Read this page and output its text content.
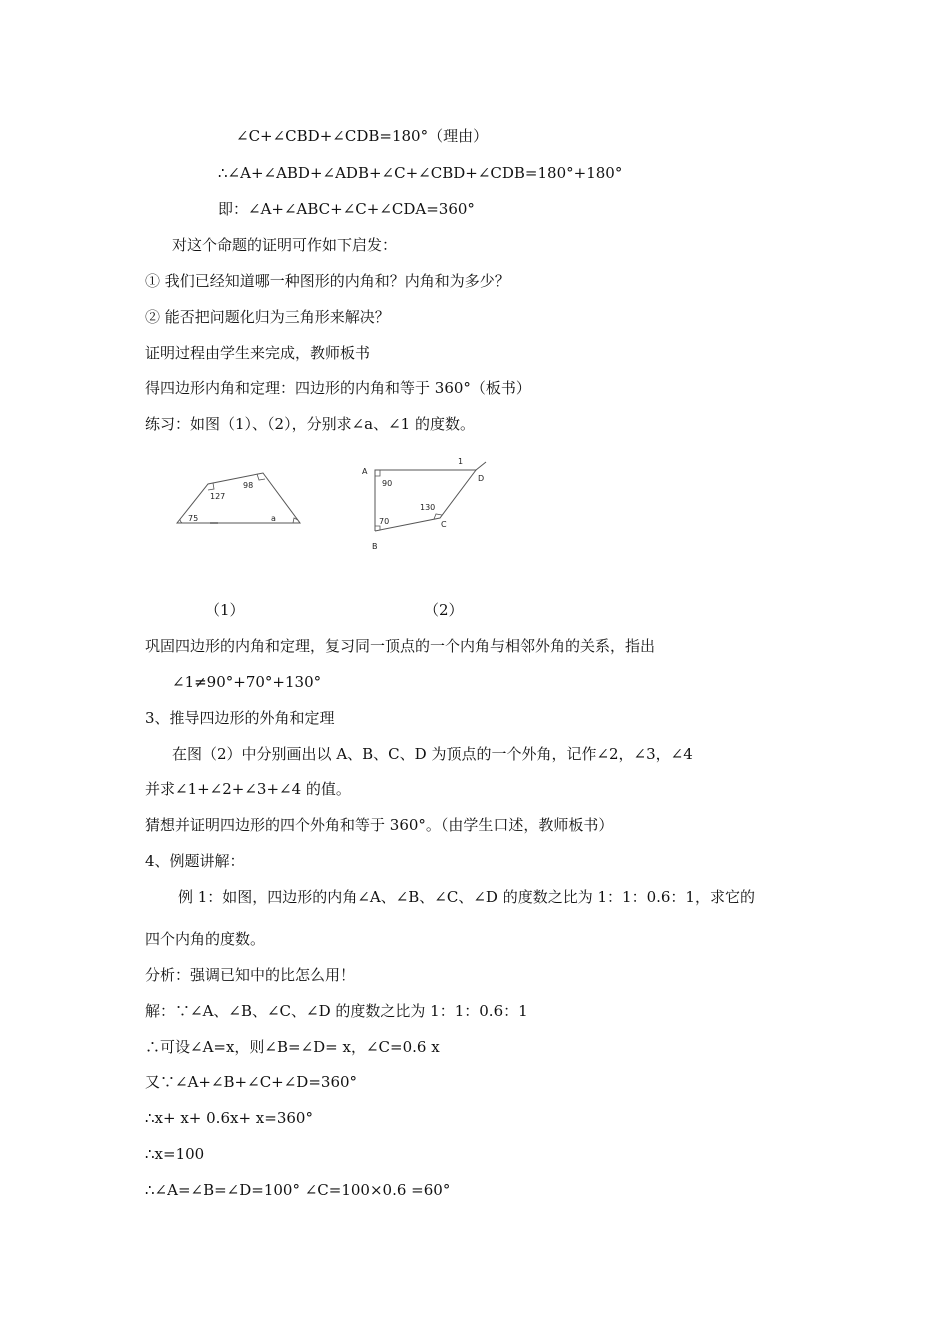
∠C+∠CBD+∠CDB=180°（理由）
∴∠A+∠ABD+∠ADB+∠C+∠CBD+∠CDB=180°+180°
即：∠A+∠ABC+∠C+∠CDA=360°
对这个命题的证明可作如下启发：
① 我们已经知道哪一种图形的内角和？内角和为多少？
② 能否把问题化归为三角形来解决？
证明过程由学生来完成，教师板书
得四边形内角和定理：四边形的内角和等于 360°（板书）
练习：如图（1）、（2），分别求∠a、∠1 的度数。
127
98
75	a
A
B
C
D
1
90
70
130
（1）	（2）
巩固四边形的内角和定理，复习同一顶点的一个内角与相邻外角的关系，指出
∠1≠90°+70°+130°
3、推导四边形的外角和定理
在图（2）中分别画出以 A、B、C、D 为顶点的一个外角，记作∠2，∠3，∠4
并求∠1+∠2+∠3+∠4 的值。
猜想并证明四边形的四个外角和等于 360°。（由学生口述，教师板书）
4、例题讲解：
例 1：如图，四边形的内角∠A、∠B、∠C、∠D 的度数之比为 1：1：0.6：1，求它的
四个内角的度数。
分析：强调已知中的比怎么用！
解：∵∠A、∠B、∠C、∠D 的度数之比为 1：1：0.6：1
∴可设∠A=x，则∠B=∠D= x，∠C=0.6 x
又∵∠A+∠B+∠C+∠D=360°
∴x+ x+ 0.6x+ x=360°
∴x=100
∴∠A=∠B=∠D=100° ∠C=100×0.6 =60°
